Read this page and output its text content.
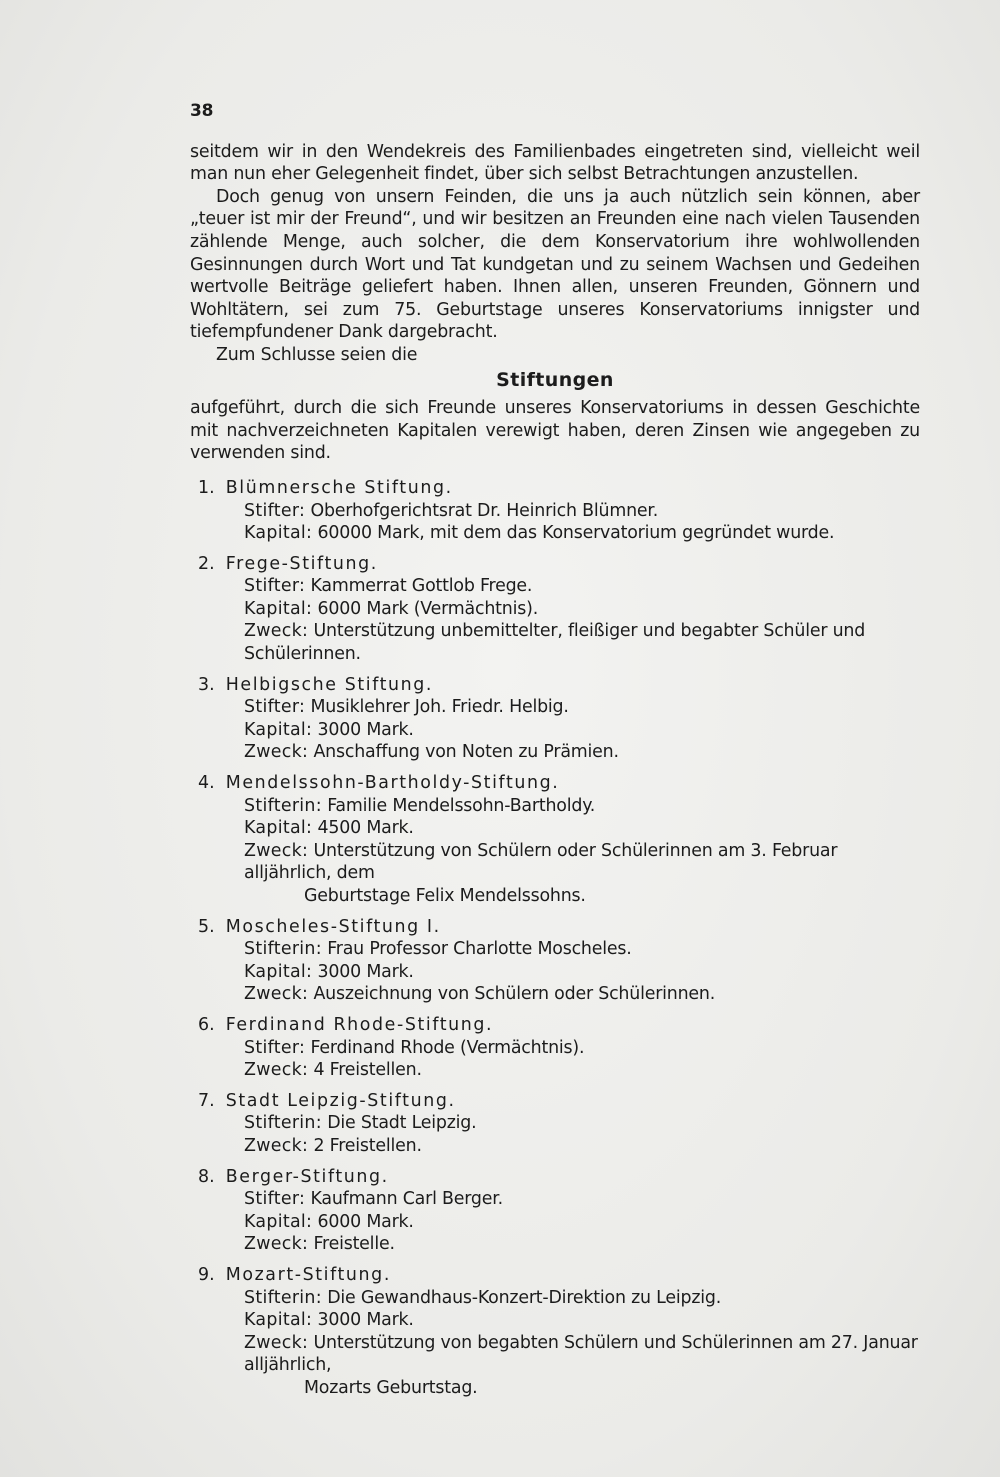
38

seitdem wir in den Wendekreis des Familienbades eingetreten sind, vielleicht weil man nun eher Gelegenheit findet, über sich selbst Betrachtungen anzustellen.

Doch genug von unsern Feinden, die uns ja auch nützlich sein können, aber „teuer ist mir der Freund“, und wir besitzen an Freunden eine nach vielen Tausenden zählende Menge, auch solcher, die dem Konservatorium ihre wohlwollenden Gesinnungen durch Wort und Tat kundgetan und zu seinem Wachsen und Gedeihen wertvolle Beiträge geliefert haben. Ihnen allen, unseren Freunden, Gönnern und Wohltätern, sei zum 75. Geburtstage unseres Konservatoriums innigster und tiefempfundener Dank dargebracht.

Zum Schlusse seien die

Stiftungen

aufgeführt, durch die sich Freunde unseres Konservatoriums in dessen Geschichte mit nachverzeichneten Kapitalen verewigt haben, deren Zinsen wie angegeben zu verwenden sind.

1. Blümnersche Stiftung.
Stifter: Oberhofgerichtsrat Dr. Heinrich Blümner.
Kapital: 60000 Mark, mit dem das Konservatorium gegründet wurde.
2. Frege-Stiftung.
Stifter: Kammerrat Gottlob Frege.
Kapital: 6000 Mark (Vermächtnis).
Zweck: Unterstützung unbemittelter, fleißiger und begabter Schüler und Schülerinnen.
3. Helbigsche Stiftung.
Stifter: Musiklehrer Joh. Friedr. Helbig.
Kapital: 3000 Mark.
Zweck: Anschaffung von Noten zu Prämien.
4. Mendelssohn-Bartholdy-Stiftung.
Stifterin: Familie Mendelssohn-Bartholdy.
Kapital: 4500 Mark.
Zweck: Unterstützung von Schülern oder Schülerinnen am 3. Februar alljährlich, dem
Geburtstage Felix Mendelssohns.
5. Moscheles-Stiftung I.
Stifterin: Frau Professor Charlotte Moscheles.
Kapital: 3000 Mark.
Zweck: Auszeichnung von Schülern oder Schülerinnen.
6. Ferdinand Rhode-Stiftung.
Stifter: Ferdinand Rhode (Vermächtnis).
Zweck: 4 Freistellen.
7. Stadt Leipzig-Stiftung.
Stifterin: Die Stadt Leipzig.
Zweck: 2 Freistellen.
8. Berger-Stiftung.
Stifter: Kaufmann Carl Berger.
Kapital: 6000 Mark.
Zweck: Freistelle.
9. Mozart-Stiftung.
Stifterin: Die Gewandhaus-Konzert-Direktion zu Leipzig.
Kapital: 3000 Mark.
Zweck: Unterstützung von begabten Schülern und Schülerinnen am 27. Januar alljährlich,
Mozarts Geburtstag.
